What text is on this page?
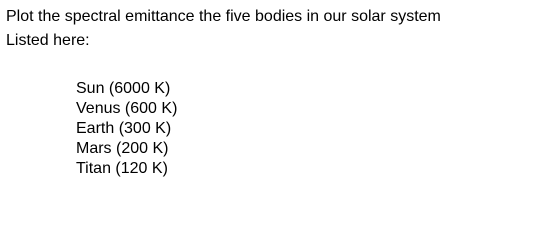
Plot the spectral emittance the five bodies in our solar system
Listed here:
Sun (6000 K)
Venus (600 K)
Earth (300 K)
Mars (200 K)
Titan (120 K)
